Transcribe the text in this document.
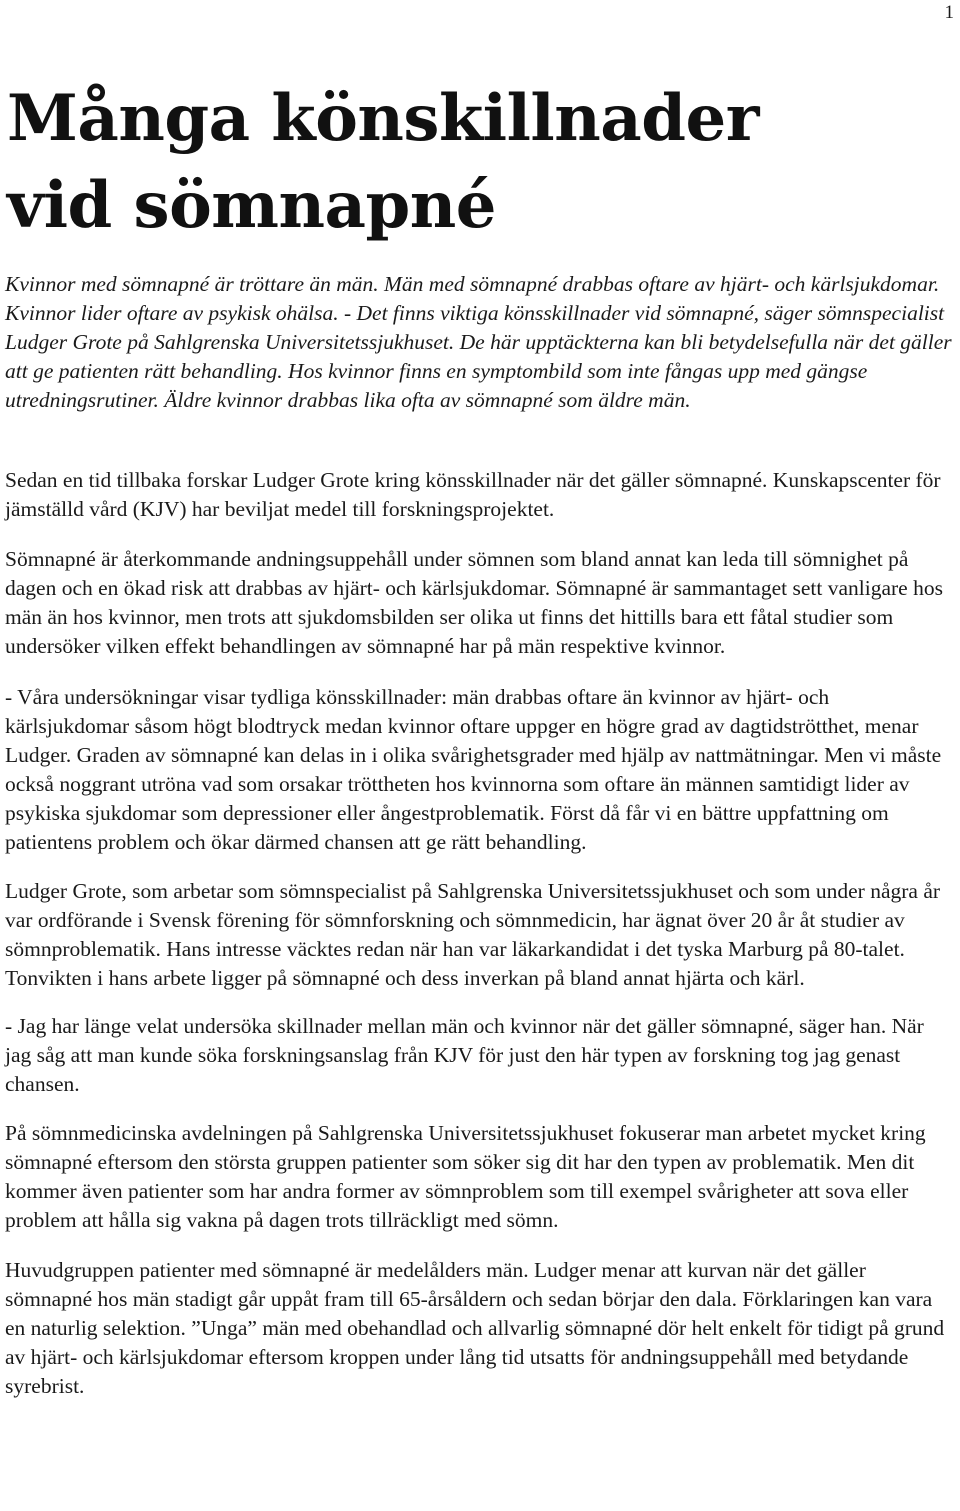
1
Många könskillnader
vid sömnapné

Kvinnor med sömnapné är tröttare än män. Män med sömnapné drabbas oftare av hjärt- och kärlsjukdomar. Kvinnor lider oftare av psykisk ohälsa. - Det finns viktiga könsskillnader vid sömnapné, säger sömnspecialist Ludger Grote på Sahlgrenska Universitetssjukhuset. De här upptäckterna kan bli betydelsefulla när det gäller att ge patienten rätt behandling. Hos kvinnor finns en symptombild som inte fångas upp med gängse utredningsrutiner. Äldre kvinnor drabbas lika ofta av sömnapné som äldre män.

Sedan en tid tillbaka forskar Ludger Grote kring könsskillnader när det gäller sömnapné. Kunskapscenter för jämställd vård (KJV) har beviljat medel till forskningsprojektet.

Sömnapné är återkommande andningsuppehåll under sömnen som bland annat kan leda till sömnighet på dagen och en ökad risk att drabbas av hjärt- och kärlsjukdomar. Sömnapné är sammantaget sett vanligare hos män än hos kvinnor, men trots att sjukdomsbilden ser olika ut finns det hittills bara ett fåtal studier som undersöker vilken effekt behandlingen av sömnapné har på män respektive kvinnor.

- Våra undersökningar visar tydliga könsskillnader: män drabbas oftare än kvinnor av hjärt- och kärlsjukdomar såsom högt blodtryck medan kvinnor oftare uppger en högre grad av dagtidströtthet, menar Ludger. Graden av sömnapné kan delas in i olika svårighetsgrader med hjälp av nattmätningar. Men vi måste också noggrant utröna vad som orsakar tröttheten hos kvinnorna som oftare än männen samtidigt lider av psykiska sjukdomar som depressioner eller ångestproblematik. Först då får vi en bättre uppfattning om patientens problem och ökar därmed chansen att ge rätt behandling.

Ludger Grote, som arbetar som sömnspecialist på Sahlgrenska Universitetssjukhuset och som under några år var ordförande i Svensk förening för sömnforskning och sömnmedicin, har ägnat över 20 år åt studier av sömnproblematik. Hans intresse väcktes redan när han var läkarkandidat i det tyska Marburg på 80-talet. Tonvikten i hans arbete ligger på sömnapné och dess inverkan på bland annat hjärta och kärl.

- Jag har länge velat undersöka skillnader mellan män och kvinnor när det gäller sömnapné, säger han. När jag såg att man kunde söka forskningsanslag från KJV för just den här typen av forskning tog jag genast chansen.

På sömnmedicinska avdelningen på Sahlgrenska Universitetssjukhuset fokuserar man arbetet mycket kring sömnapné eftersom den största gruppen patienter som söker sig dit har den typen av problematik. Men dit kommer även patienter som har andra former av sömnproblem som till exempel svårigheter att sova eller problem att hålla sig vakna på dagen trots tillräckligt med sömn.

Huvudgruppen patienter med sömnapné är medelålders män. Ludger menar att kurvan när det gäller sömnapné hos män stadigt går uppåt fram till 65-årsåldern och sedan börjar den dala. Förklaringen kan vara en naturlig selektion. ”Unga” män med obehandlad och allvarlig sömnapné dör helt enkelt för tidigt på grund av hjärt- och kärlsjukdomar eftersom kroppen under lång tid utsatts för andningsuppehåll med betydande syrebrist.
